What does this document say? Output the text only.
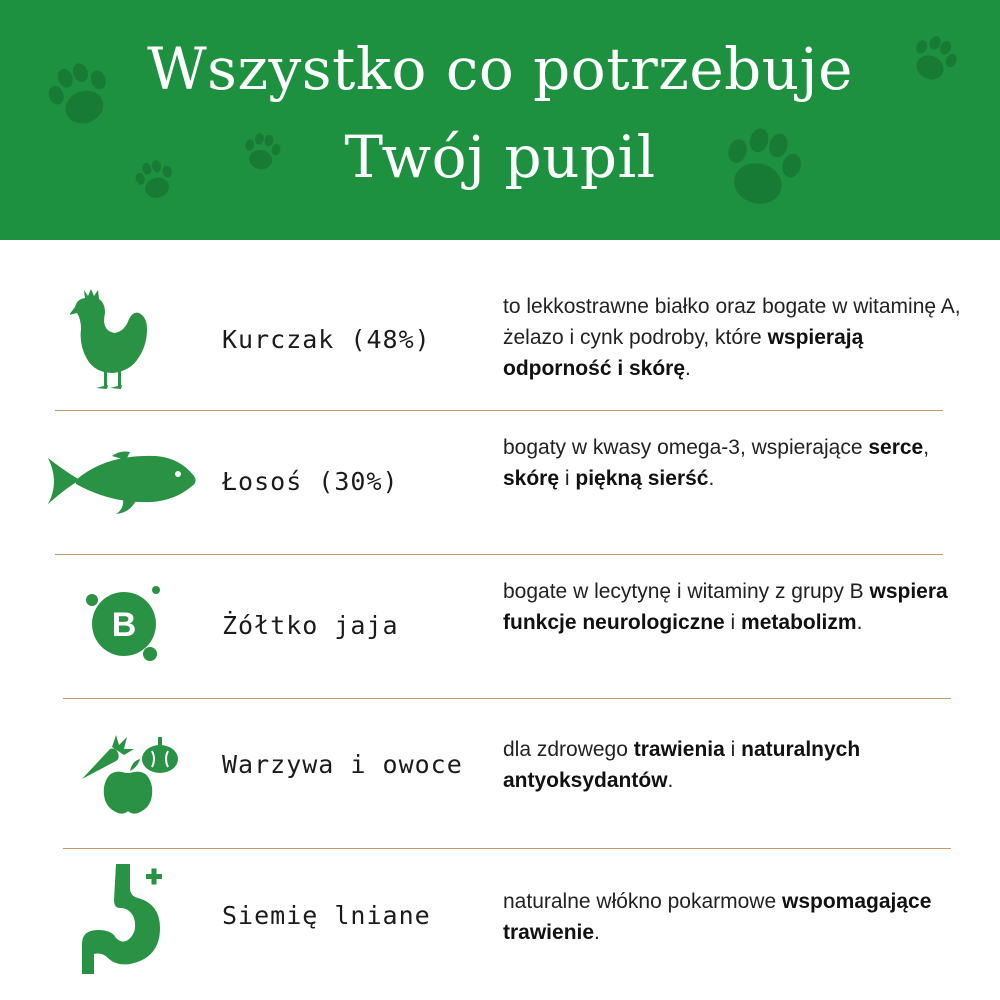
Wszystko co potrzebuje
Twój pupil
Kurczak (48%)
to lekkostrawne białko oraz bogate w witaminę A, żelazo i cynk podroby, które wspierają odporność i skórę.
Łosoś (30%)
bogaty w kwasy omega-3, wspierające serce, skórę i piękną sierść.
B	Żółtko jaja
bogate w lecytynę i witaminy z grupy B wspiera funkcje neurologiczne i metabolizm.
Warzywa i owoce
dla zdrowego trawienia i naturalnych antyoksydantów.
Siemię lniane	naturalne włókno pokarmowe wspomagające trawienie.
